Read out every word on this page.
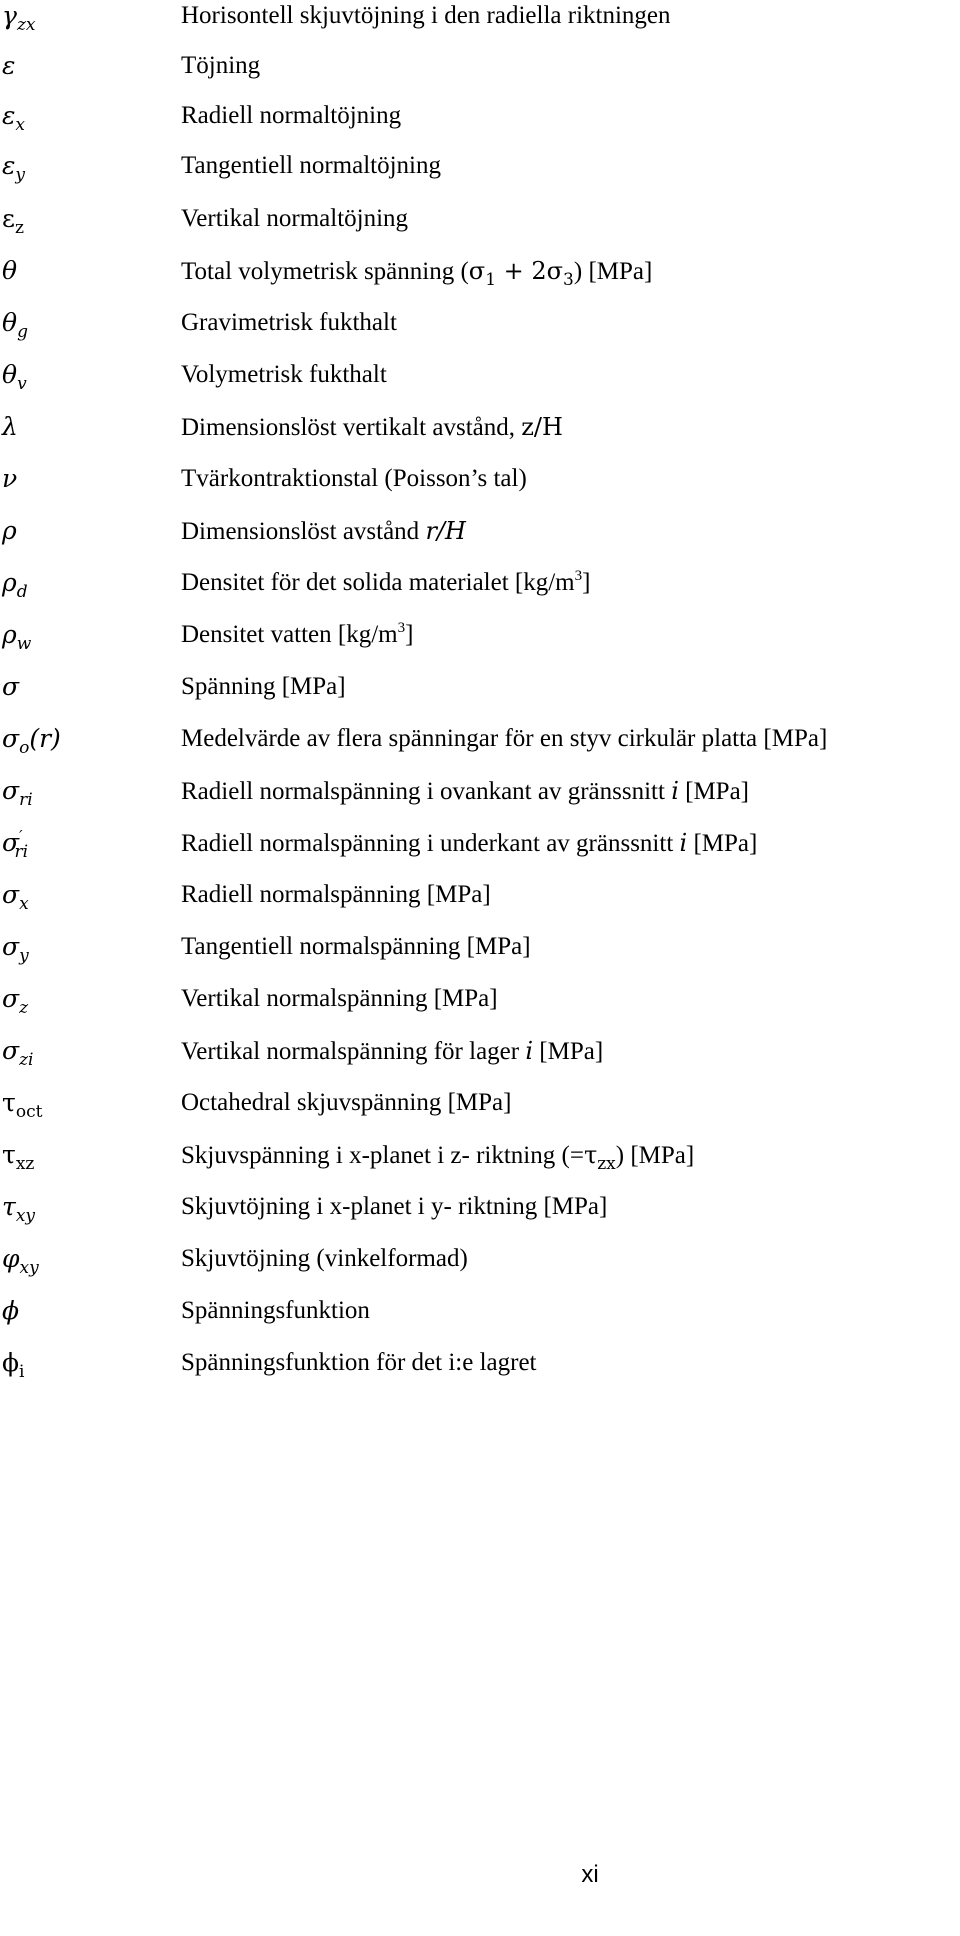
$\gamma_{zx}$	Horisontell skjuvtöjning i den radiella riktningen
ε	Töjning
$\varepsilon_x$	Radiell normaltöjning
$\varepsilon_y$	Tangentiell normaltöjning
$\varepsilon_z$	Vertikal normaltöjning
θ	Total volymetrisk spänning $(\sigma_1 + 2\sigma_3)$ [MPa]
$\theta_g$	Gravimetrisk fukthalt
$\theta_v$	Volymetrisk fukthalt
λ	Dimensionslöst vertikalt avstånd, z/H
ν	Tvärkontraktionstal (Poisson’s tal)
ρ	Dimensionslöst avstånd r/H
$\rho_d$	Densitet för det solida materialet $[kg/m^3]$
$\rho_w$	Densitet vatten $[kg/m^3]$
σ	Spänning [MPa]
$\sigma_o(r)$	Medelvärde av flera spänningar för en styv cirkulär platta [MPa]
$\sigma_{ri}$	Radiell normalspänning i ovankant av gränssnitt i [MPa]
$\sigma'_{ri}$	Radiell normalspänning i underkant av gränssnitt i [MPa]
$\sigma_x$	Radiell normalspänning [MPa]
$\sigma_y$	Tangentiell normalspänning [MPa]
$\sigma_z$	Vertikal normalspänning [MPa]
$\sigma_{zi}$	Vertikal normalspänning för lager i [MPa]
$\tau_{oct}$	Octahedral skjuvspänning [MPa]
$\tau_{xz}$	Skjuvspänning i x-planet i z- riktning $(=\tau_{zx})$ [MPa]
$\tau_{xy}$	Skjuvtöjning i x-planet i y- riktning [MPa]
$\varphi_{xy}$	Skjuvtöjning (vinkelformad)
ϕ	Spänningsfunktion
$\phi_i$	Spänningsfunktion för det i:e lagret
xi
